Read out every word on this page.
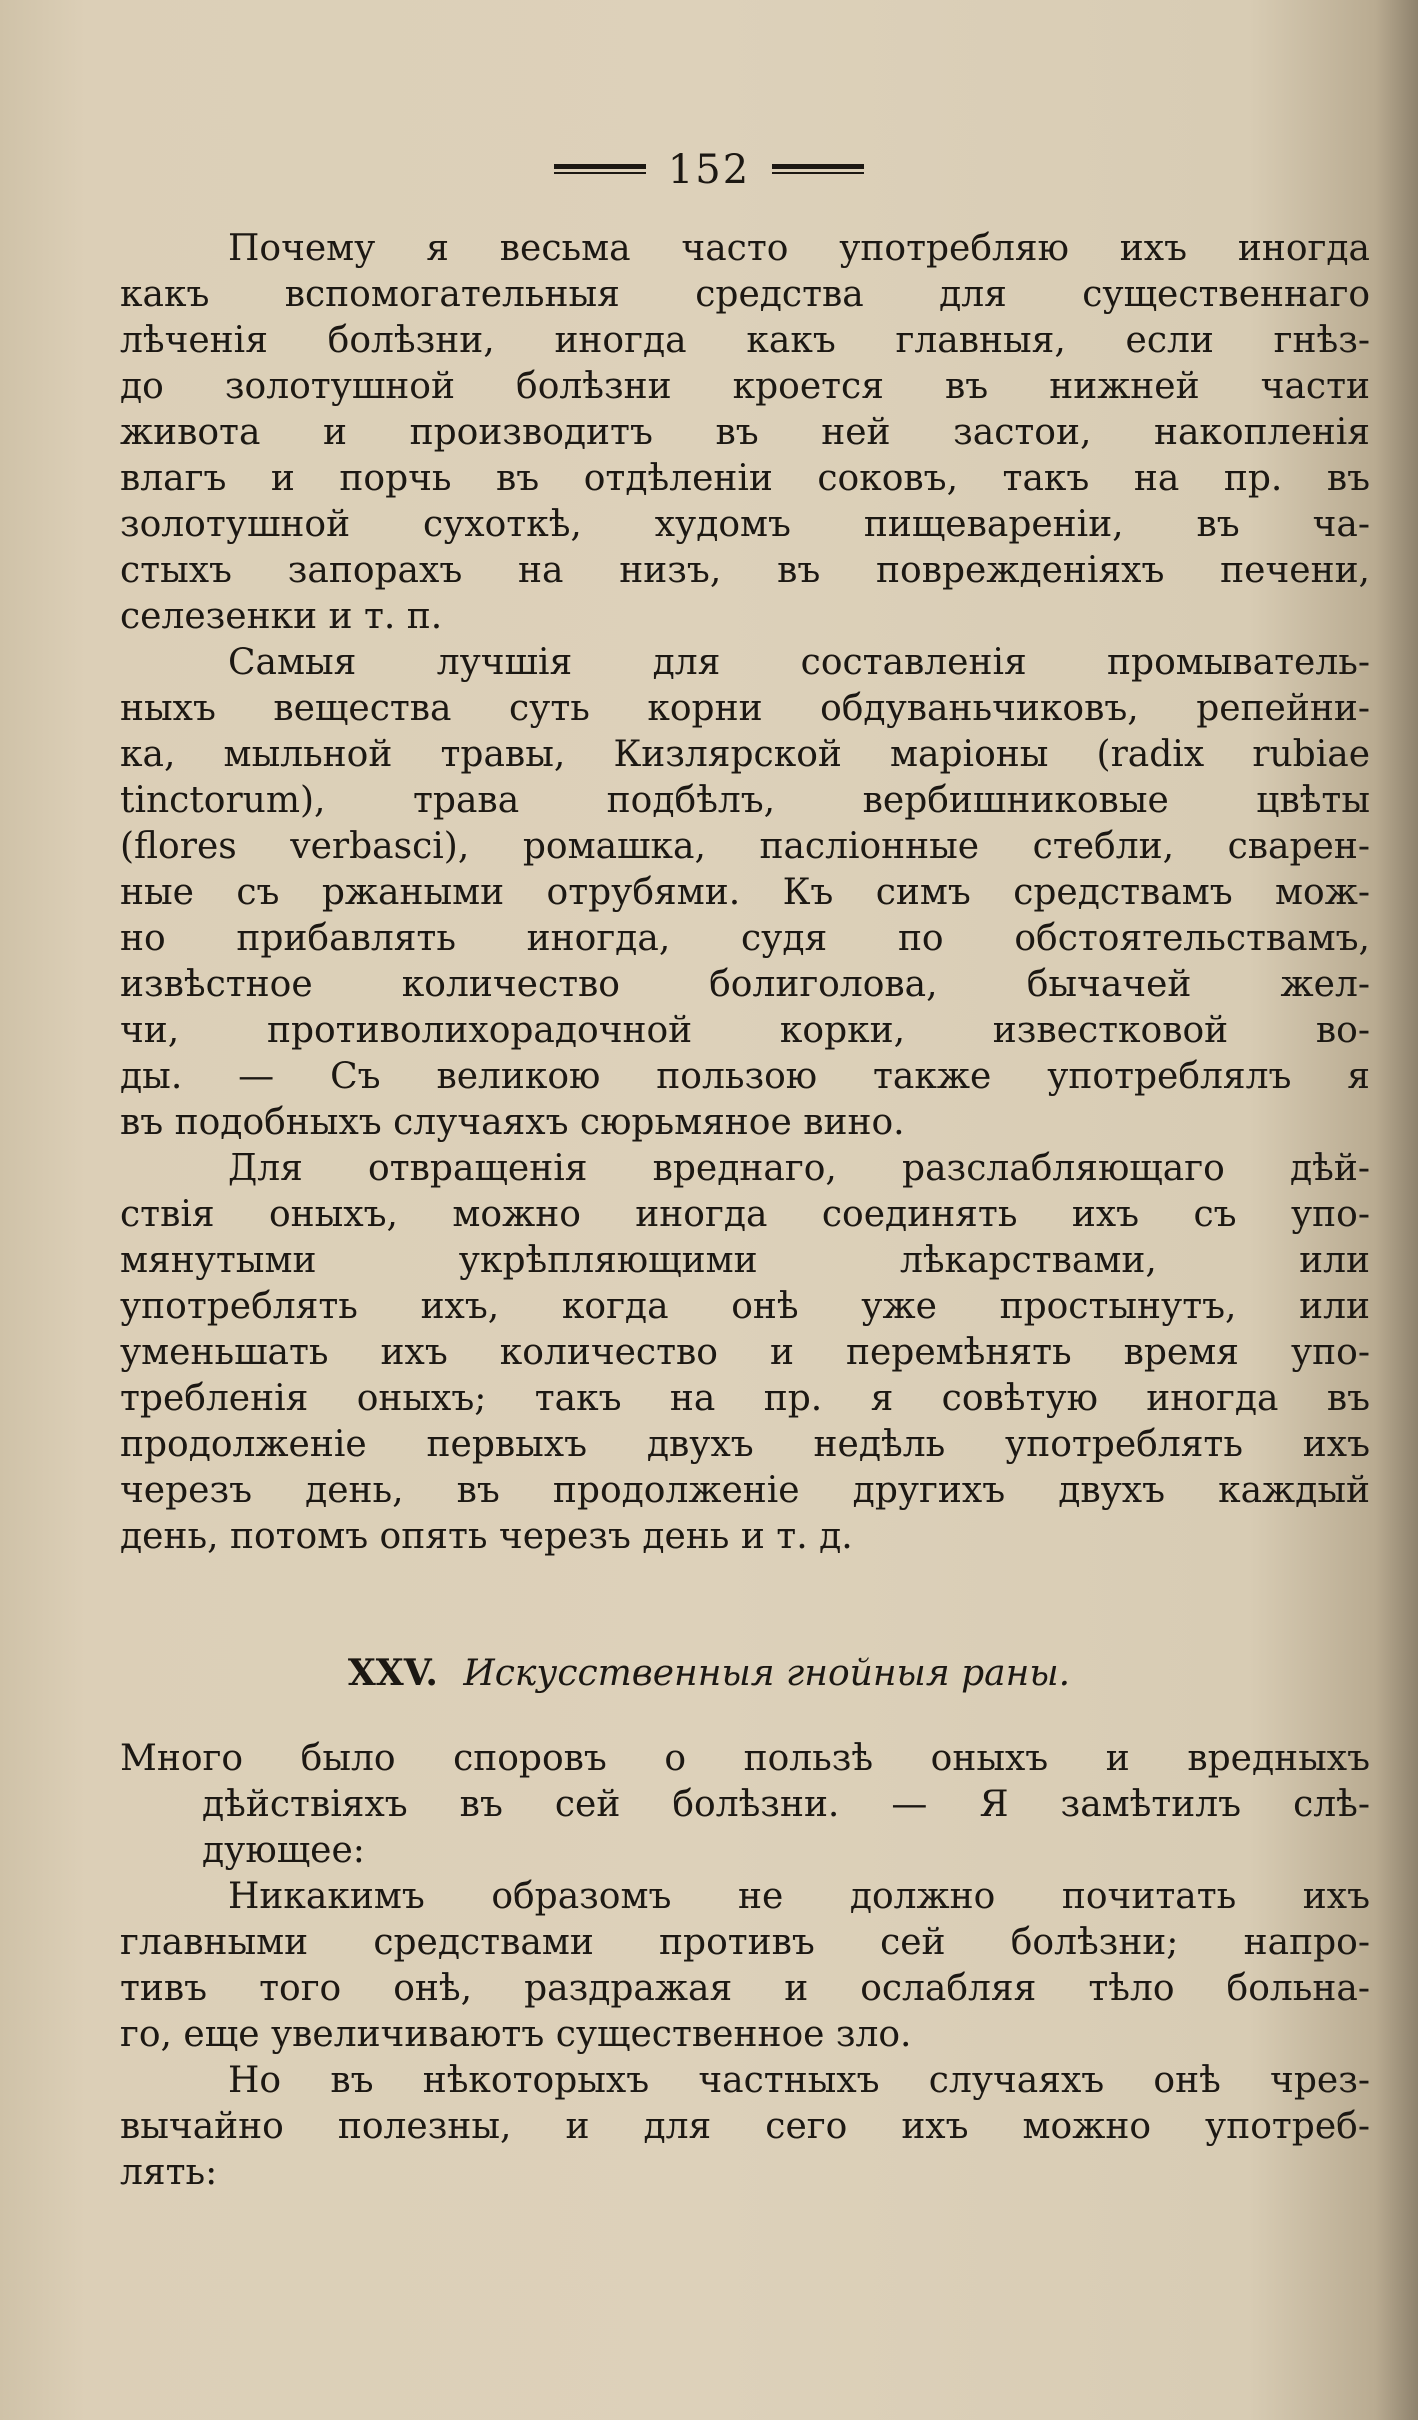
152
Почему я весьма часто употребляю ихъ иногда
какъ вспомогательныя средства для существеннаго
лѣченія болѣзни, иногда какъ главныя, если гнѣз-
до золотушной болѣзни кроется въ нижней части
живота и производитъ въ ней застои, накопленія
влагъ и порчь въ отдѣленіи соковъ, такъ на пр. въ
золотушной сухоткѣ, худомъ пищевареніи, въ ча-
стыхъ запорахъ на низъ, въ поврежденіяхъ печени,
селезенки и т. п.
Самыя лучшія для составленія промыватель-
ныхъ вещества суть корни обдуваньчиковъ, репейни-
ка, мыльной травы, Кизлярской маріоны (radix rubiae
tinctorum), трава подбѣлъ, вербишниковые цвѣты
(flores verbasci), ромашка, пасліонные стебли, сварен-
ные съ ржаными отрубями. Къ симъ средствамъ мож-
но прибавлять иногда, судя по обстоятельствамъ,
извѣстное количество болиголова, бычачей жел-
чи, противолихорадочной корки, известковой во-
ды. — Съ великою пользою также употреблялъ я
въ подобныхъ случаяхъ сюрьмяное вино.
Для отвращенія вреднаго, разслабляющаго дѣй-
ствія оныхъ, можно иногда соединять ихъ съ упо-
мянутыми укрѣпляющими лѣкарствами, или
употреблять ихъ, когда онѣ уже простынутъ, или
уменьшать ихъ количество и перемѣнять время упо-
требленія оныхъ; такъ на пр. я совѣтую иногда въ
продолженіе первыхъ двухъ недѣль употреблять ихъ
черезъ день, въ продолженіе другихъ двухъ каждый
день, потомъ опять черезъ день и т. д.
XXV. Искусственныя гнойныя раны.
Много было споровъ о пользѣ оныхъ и вредныхъ
дѣйствіяхъ въ сей болѣзни. — Я замѣтилъ слѣ-
дующее:
Никакимъ образомъ не должно почитать ихъ
главными средствами противъ сей болѣзни; напро-
тивъ того онѣ, раздражая и ослабляя тѣло больна-
го, еще увеличиваютъ существенное зло.
Но въ нѣкоторыхъ частныхъ случаяхъ онѣ чрез-
вычайно полезны, и для сего ихъ можно употреб-
лять:
